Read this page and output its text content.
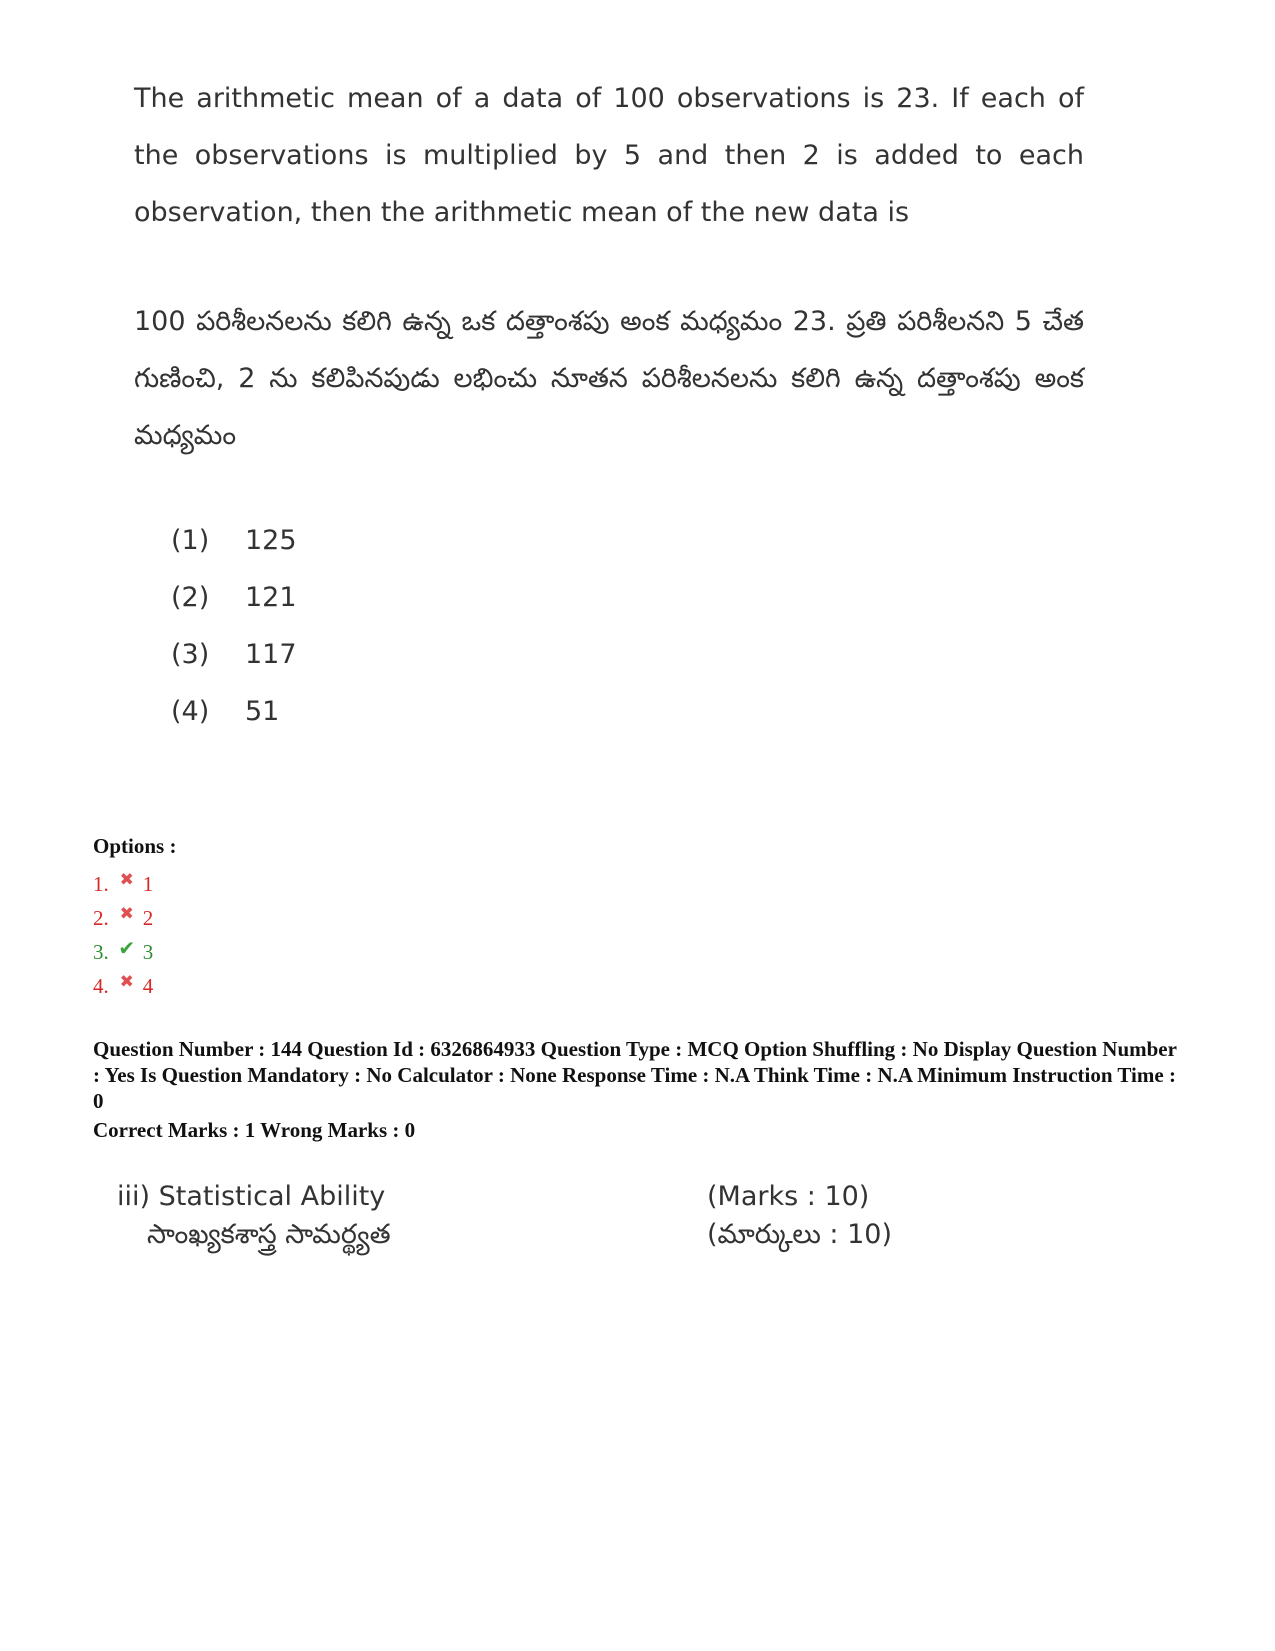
The arithmetic mean of a data of 100 observations is 23. If each of the observations is multiplied by 5 and then 2 is added to each observation, then the arithmetic mean of the new data is
100 పరిశీలనలను కలిగి ఉన్న ఒక దత్తాంశపు అంక మధ్యమం 23. ప్రతి పరిశీలనని 5 చేత గుణించి, 2 ను కలిపినపుడు లభించు నూతన పరిశీలనలను కలిగి ఉన్న దత్తాంశపు అంక మధ్యమం
(1)	125
(2)	121
(3)	117
(4)	51
Options :
1. ✖ 1
2. ✖ 2
3. ✔ 3
4. ✖ 4
Question Number : 144 Question Id : 6326864933 Question Type : MCQ Option Shuffling : No Display Question Number : Yes Is Question Mandatory : No Calculator : None Response Time : N.A Think Time : N.A Minimum Instruction Time : 0
Correct Marks : 1 Wrong Marks : 0
iii) Statistical Ability	(Marks : 10)
సాంఖ్యకశాస్త్ర సామర్థ్యత	(మార్కులు : 10)
